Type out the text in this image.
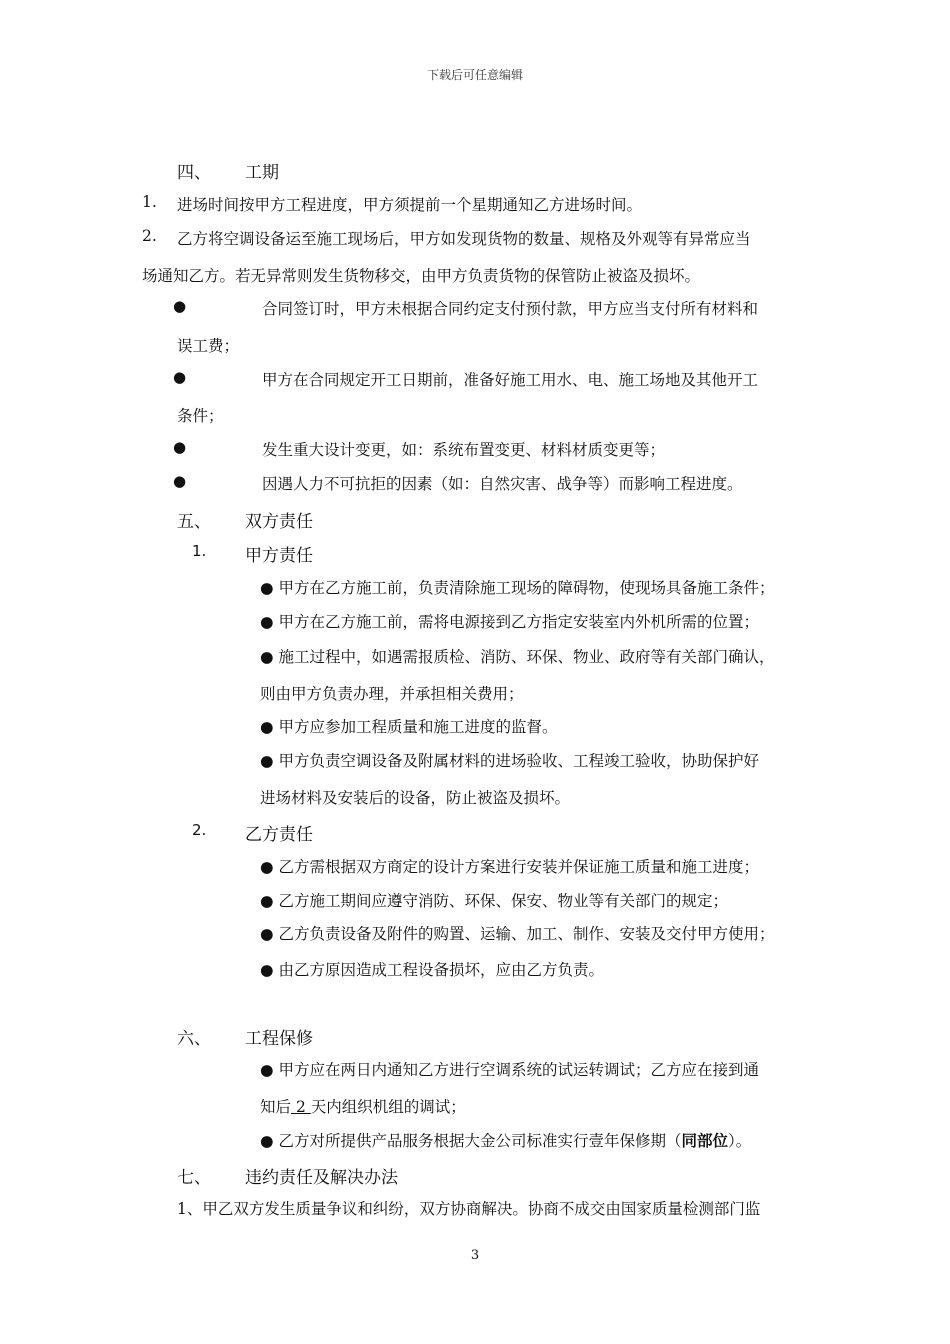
下载后可任意编辑
四、 工期
1. 进场时间按甲方工程进度，甲方须提前一个星期通知乙方进场时间。
2. 乙方将空调设备运至施工现场后，甲方如发现货物的数量、规格及外观等有异常应当
场通知乙方。若无异常则发生货物移交，由甲方负责货物的保管防止被盗及损坏。
●	合同签订时，甲方未根据合同约定支付预付款，甲方应当支付所有材料和
误工费；
●	甲方在合同规定开工日期前，准备好施工用水、电、施工场地及其他开工
条件；
●	发生重大设计变更，如：系统布置变更、材料材质变更等；
●	因遇人力不可抗拒的因素（如：自然灾害、战争等）而影响工程进度。
五、 双方责任
1. 甲方责任
● 甲方在乙方施工前，负责清除施工现场的障碍物，使现场具备施工条件；
● 甲方在乙方施工前，需将电源接到乙方指定安装室内外机所需的位置；
● 施工过程中，如遇需报质检、消防、环保、物业、政府等有关部门确认，
则由甲方负责办理，并承担相关费用；
● 甲方应参加工程质量和施工进度的监督。
● 甲方负责空调设备及附属材料的进场验收、工程竣工验收，协助保护好
进场材料及安装后的设备，防止被盗及损坏。
2. 乙方责任
● 乙方需根据双方商定的设计方案进行安装并保证施工质量和施工进度；
● 乙方施工期间应遵守消防、环保、保安、物业等有关部门的规定；
● 乙方负责设备及附件的购置、运输、加工、制作、安装及交付甲方使用；
● 由乙方原因造成工程设备损坏，应由乙方负责。
六、 工程保修
● 甲方应在两日内通知乙方进行空调系统的试运转调试；乙方应在接到通
知后 2 天内组织机组的调试；
● 乙方对所提供产品服务根据大金公司标准实行壹年保修期（同部位）。
七、 违约责任及解决办法
1、甲乙双方发生质量争议和纠纷，双方协商解决。协商不成交由国家质量检测部门监
3
